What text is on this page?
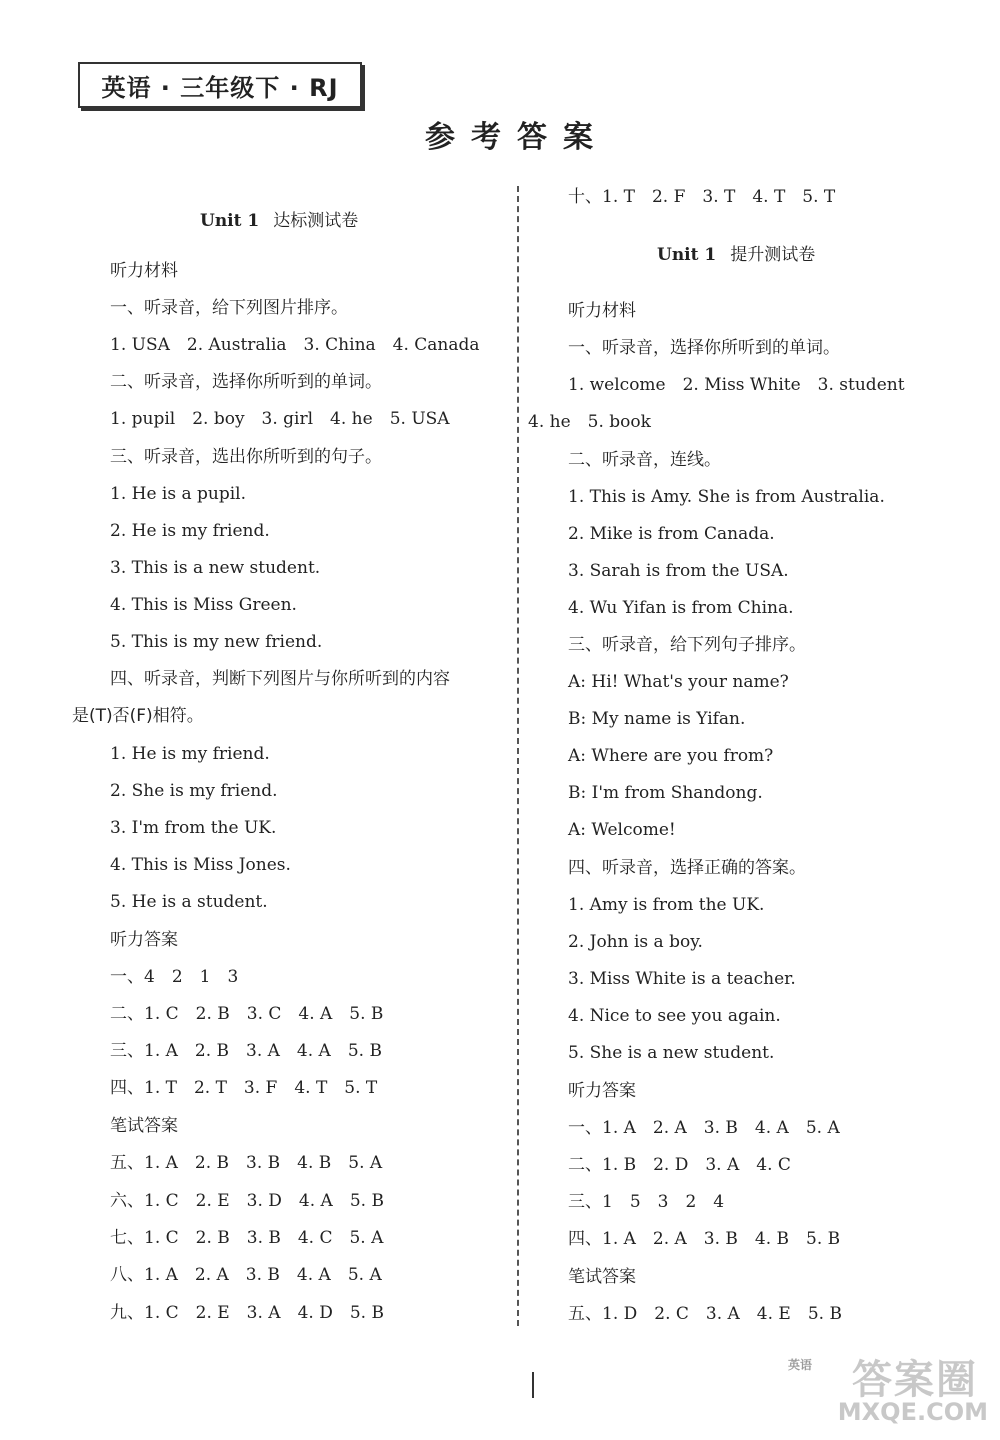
英语 · 三年级下 · RJ
参考答案
Unit 1 达标测试卷
听力材料
一、听录音，给下列图片排序。
1. USA　2. Australia　3. China　4. Canada
二、听录音，选择你所听到的单词。
1. pupil　2. boy　3. girl　4. he　5. USA
三、听录音，选出你所听到的句子。
1. He is a pupil.
2. He is my friend.
3. This is a new student.
4. This is Miss Green.
5. This is my new friend.
四、听录音，判断下列图片与你所听到的内容
是(T)否(F)相符。
1. He is my friend.
2. She is my friend.
3. I'm from the UK.
4. This is Miss Jones.
5. He is a student.
听力答案
一、4　2　1　3
二、1. C　2. B　3. C　4. A　5. B
三、1. A　2. B　3. A　4. A　5. B
四、1. T　2. T　3. F　4. T　5. T
笔试答案
五、1. A　2. B　3. B　4. B　5. A
六、1. C　2. E　3. D　4. A　5. B
七、1. C　2. B　3. B　4. C　5. A
八、1. A　2. A　3. B　4. A　5. A
九、1. C　2. E　3. A　4. D　5. B
十、1. T　2. F　3. T　4. T　5. T
Unit 1 提升测试卷
听力材料
一、听录音，选择你所听到的单词。
1. welcome　2. Miss White　3. student
4. he　5. book
二、听录音，连线。
1. This is Amy. She is from Australia.
2. Mike is from Canada.
3. Sarah is from the USA.
4. Wu Yifan is from China.
三、听录音，给下列句子排序。
A: Hi! What's your name?
B: My name is Yifan.
A: Where are you from?
B: I'm from Shandong.
A: Welcome!
四、听录音，选择正确的答案。
1. Amy is from the UK.
2. John is a boy.
3. Miss White is a teacher.
4. Nice to see you again.
5. She is a new student.
听力答案
一、1. A　2. A　3. B　4. A　5. A
二、1. B　2. D　3. A　4. C
三、1　5　3　2　4
四、1. A　2. A　3. B　4. B　5. B
笔试答案
五、1. D　2. C　3. A　4. E　5. B
英语 答案圈
MXQE.COM
